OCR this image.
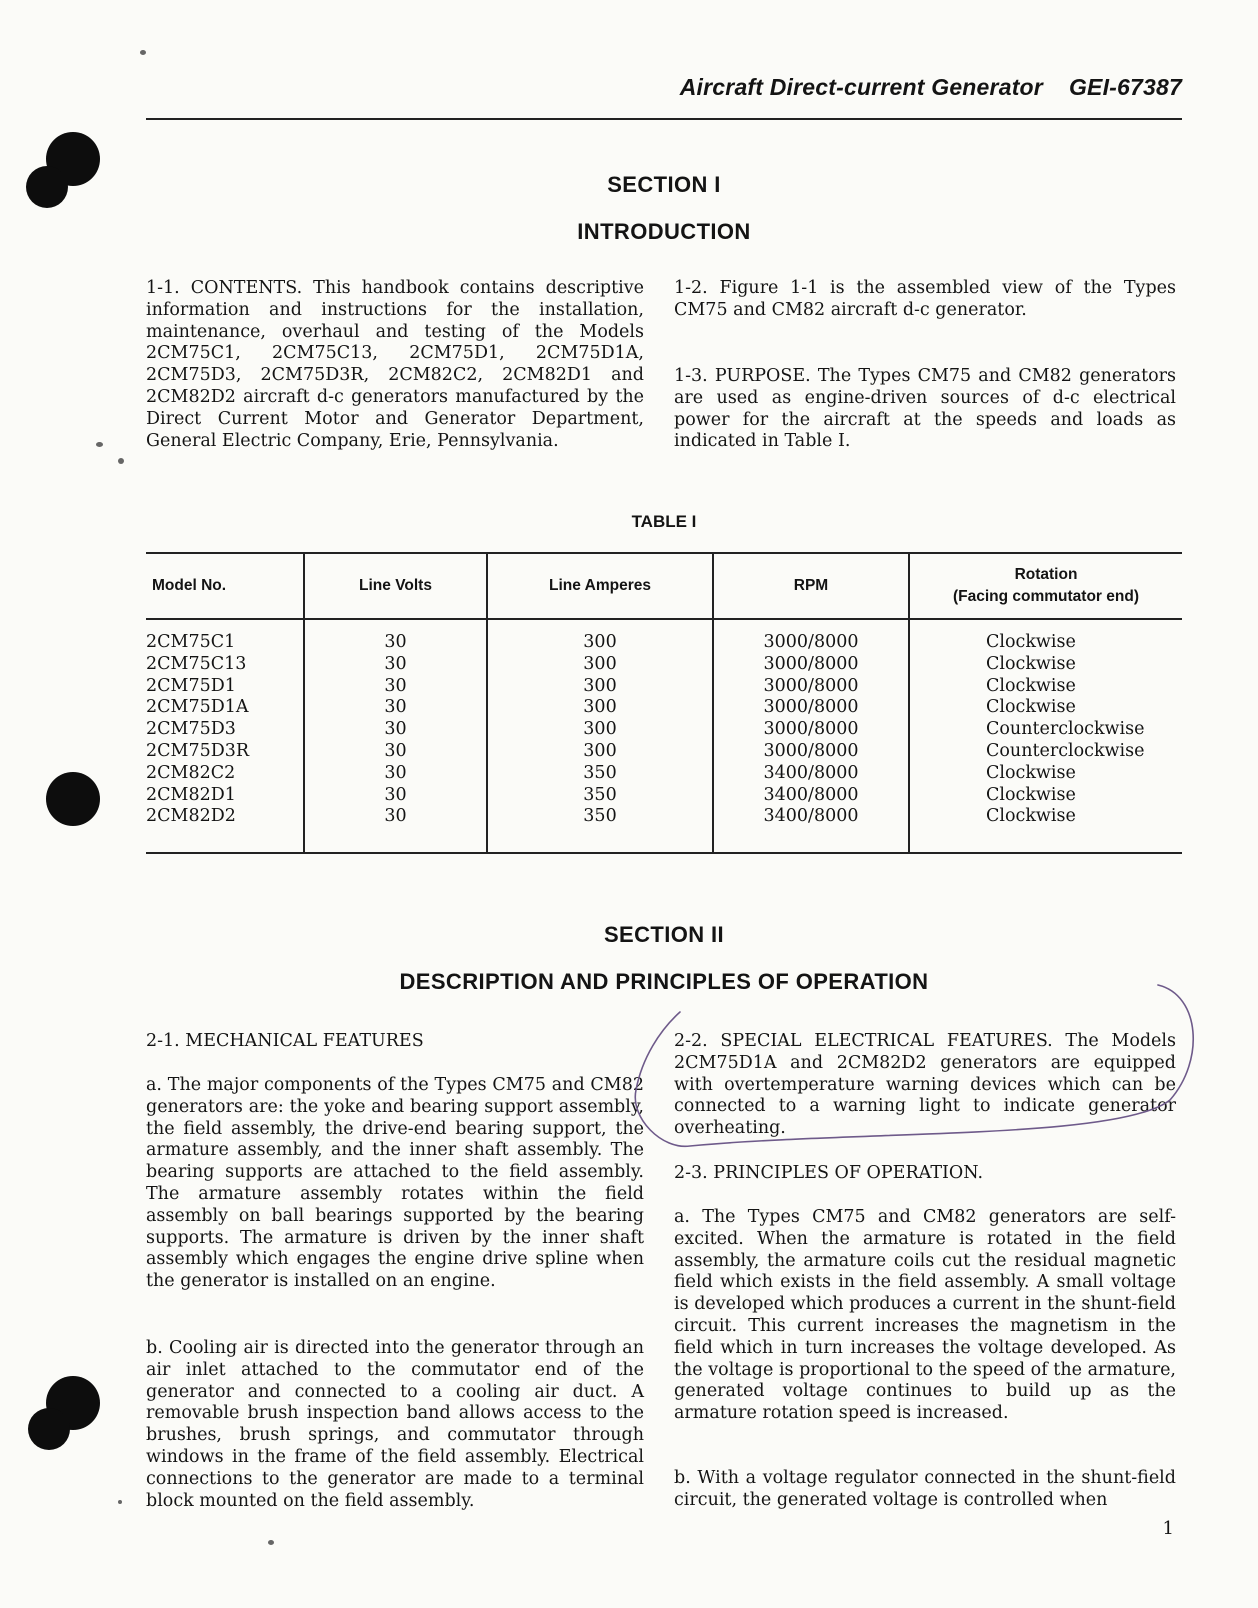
Aircraft Direct-current Generator GEI-67387
SECTION I
INTRODUCTION

1-1. CONTENTS. This handbook contains descriptive information and instructions for the installation, maintenance, overhaul and testing of the Models 2CM75C1, 2CM75C13, 2CM75D1, 2CM75D1A, 2CM75D3, 2CM75D3R, 2CM82C2, 2CM82D1 and 2CM82D2 aircraft d-c generators manufactured by the Direct Current Motor and Generator Department, General Electric Company, Erie, Pennsylvania.

1-2. Figure 1-1 is the assembled view of the Types CM75 and CM82 aircraft d-c generator.

1-3. PURPOSE. The Types CM75 and CM82 generators are used as engine-driven sources of d-c electrical power for the aircraft at the speeds and loads as indicated in Table I.

TABLE I
Model No.	Line Volts	Line Amperes	RPM	Rotation
(Facing commutator end)
2CM75C1	30	300	3000/8000	Clockwise
2CM75C13	30	300	3000/8000	Clockwise
2CM75D1	30	300	3000/8000	Clockwise
2CM75D1A	30	300	3000/8000	Clockwise
2CM75D3	30	300	3000/8000	Counterclockwise
2CM75D3R	30	300	3000/8000	Counterclockwise
2CM82C2	30	350	3400/8000	Clockwise
2CM82D1	30	350	3400/8000	Clockwise
2CM82D2	30	350	3400/8000	Clockwise
SECTION II
DESCRIPTION AND PRINCIPLES OF OPERATION

2-1. MECHANICAL FEATURES

a. The major components of the Types CM75 and CM82 generators are: the yoke and bearing support assembly, the field assembly, the drive-end bearing support, the armature assembly, and the inner shaft assembly. The bearing supports are attached to the field assembly. The armature assembly rotates within the field assembly on ball bearings supported by the bearing supports. The armature is driven by the inner shaft assembly which engages the engine drive spline when the generator is installed on an engine.

b. Cooling air is directed into the generator through an air inlet attached to the commutator end of the generator and connected to a cooling air duct. A removable brush inspection band allows access to the brushes, brush springs, and commutator through windows in the frame of the field assembly. Electrical connections to the generator are made to a terminal block mounted on the field assembly.

2-2. SPECIAL ELECTRICAL FEATURES. The Models 2CM75D1A and 2CM82D2 generators are equipped with overtemperature warning devices which can be connected to a warning light to indicate generator overheating.

2-3. PRINCIPLES OF OPERATION.

a. The Types CM75 and CM82 generators are self-excited. When the armature is rotated in the field assembly, the armature coils cut the residual magnetic field which exists in the field assembly. A small voltage is developed which produces a current in the shunt-field circuit. This current increases the magnetism in the field which in turn increases the voltage developed. As the voltage is proportional to the speed of the armature, generated voltage continues to build up as the armature rotation speed is increased.

b. With a voltage regulator connected in the shunt-field circuit, the generated voltage is controlled when

1
